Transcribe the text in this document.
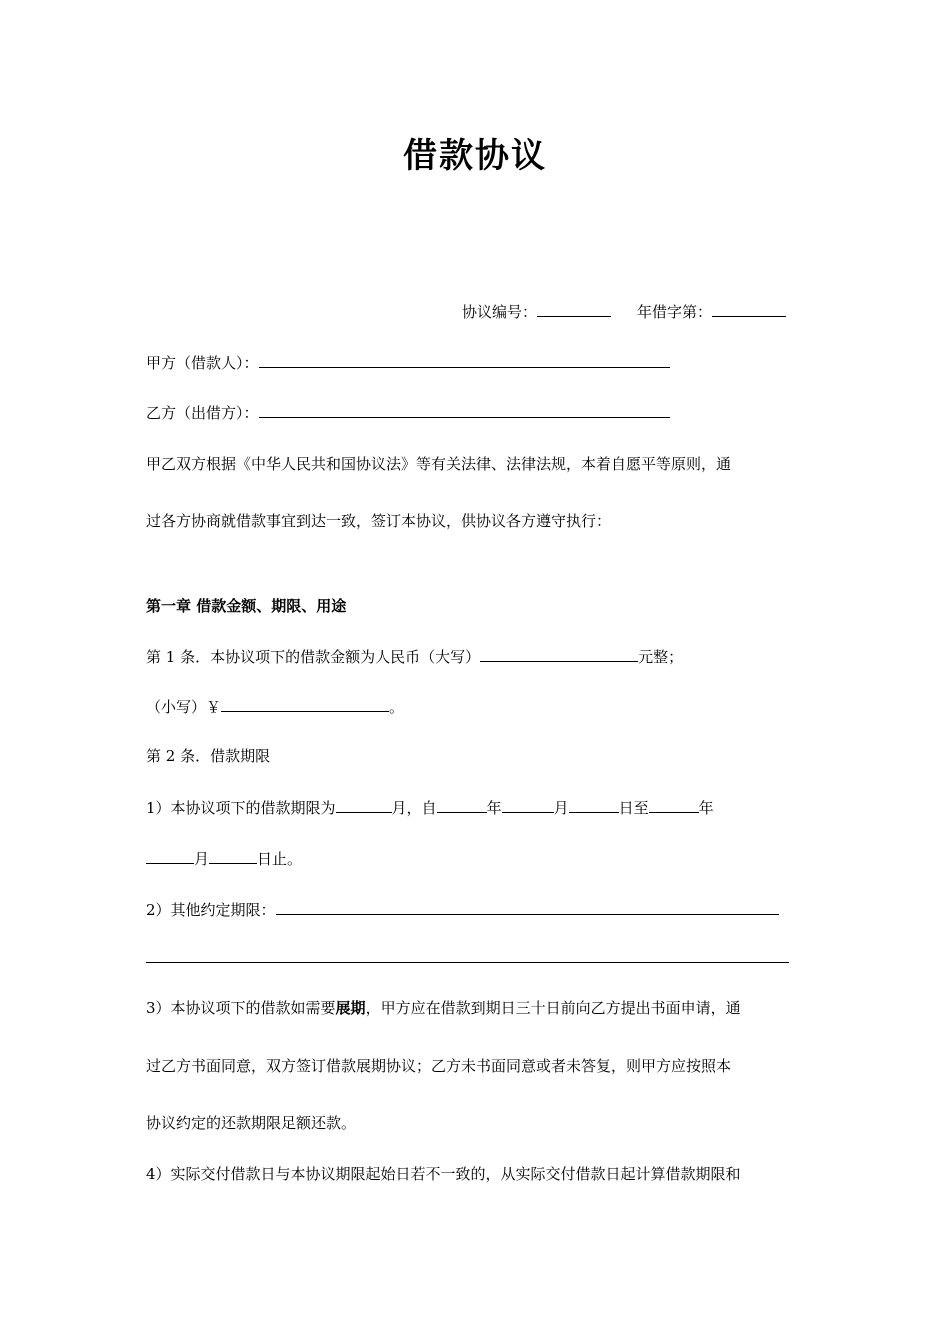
借款协议
协议编号：	年借字第：
甲方（借款人）：
乙方（出借方）：
甲乙双方根据《中华人民共和国协议法》等有关法律、法律法规，本着自愿平等原则，通
过各方协商就借款事宜到达一致，签订本协议，供协议各方遵守执行：
第一章 借款金额、期限、用途
第 1 条．本协议项下的借款金额为人民币（大写）	元整；
（小写）￥	。
第 2 条．借款期限
1）本协议项下的借款期限为	月，自	年	月	日至	年
月	日止。
2）其他约定期限：
3）本协议项下的借款如需要展期，甲方应在借款到期日三十日前向乙方提出书面申请，通
过乙方书面同意，双方签订借款展期协议；乙方未书面同意或者未答复，则甲方应按照本
协议约定的还款期限足额还款。
4）实际交付借款日与本协议期限起始日若不一致的，从实际交付借款日起计算借款期限和
